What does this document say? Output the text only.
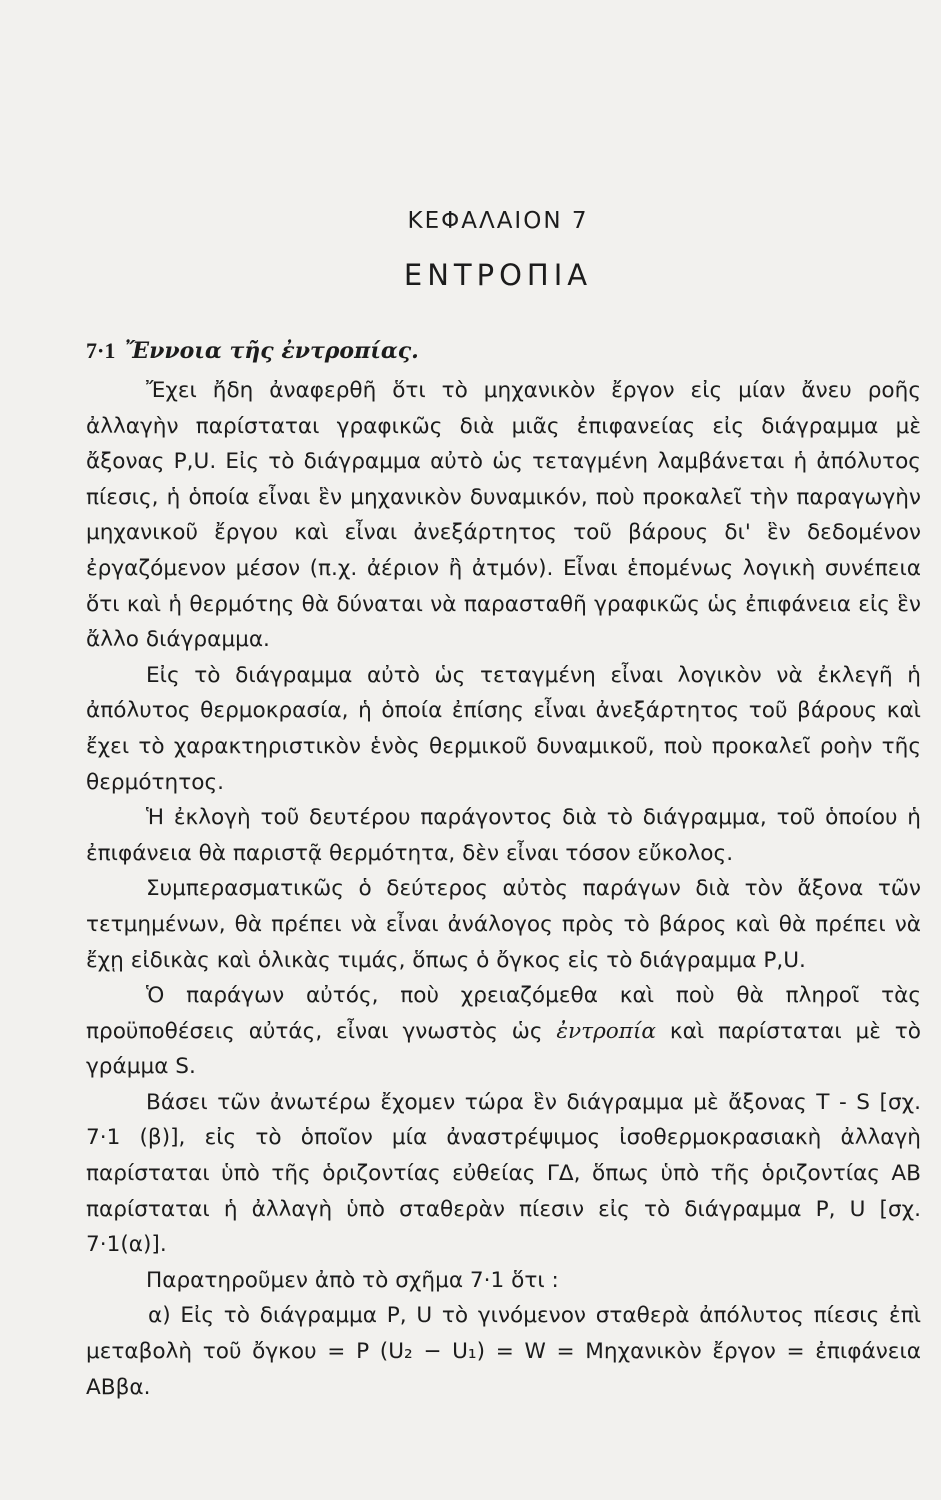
ΚΕΦΑΛΑΙΟΝ 7
ΕΝΤΡΟΠΙΑ
7·1 Ἔννοια τῆς ἐντροπίας.

Ἔχει ἤδη ἀναφερθῆ ὅτι τὸ μηχανικὸν ἔργον εἰς μίαν ἄνευ ροῆς ἀλλαγὴν παρίσταται γραφικῶς διὰ μιᾶς ἐπιφανείας εἰς διάγραμμα μὲ ἄξονας P,U. Εἰς τὸ διάγραμμα αὐτὸ ὡς τεταγμένη λαμβάνεται ἡ ἀπόλυτος πίεσις, ἡ ὁποία εἶναι ἓν μηχανικὸν δυναμικόν, ποὺ προκαλεῖ τὴν παραγωγὴν μηχανικοῦ ἔργου καὶ εἶναι ἀνεξάρτητος τοῦ βάρους δι' ἓν δεδομένον ἐργαζόμενον μέσον (π.χ. ἀέριον ἢ ἀτμόν). Εἶναι ἑπομένως λογικὴ συνέπεια ὅτι καὶ ἡ θερμότης θὰ δύναται νὰ παρασταθῆ γραφικῶς ὡς ἐπιφάνεια εἰς ἓν ἄλλο διάγραμμα.

Εἰς τὸ διάγραμμα αὐτὸ ὡς τεταγμένη εἶναι λογικὸν νὰ ἐκλεγῆ ἡ ἀπόλυτος θερμοκρασία, ἡ ὁποία ἐπίσης εἶναι ἀνεξάρτητος τοῦ βάρους καὶ ἔχει τὸ χαρακτηριστικὸν ἑνὸς θερμικοῦ δυναμικοῦ, ποὺ προκαλεῖ ροὴν τῆς θερμότητος.

Ἡ ἐκλογὴ τοῦ δευτέρου παράγοντος διὰ τὸ διάγραμμα, τοῦ ὁποίου ἡ ἐπιφάνεια θὰ παριστᾷ θερμότητα, δὲν εἶναι τόσον εὔκολος.

Συμπερασματικῶς ὁ δεύτερος αὐτὸς παράγων διὰ τὸν ἄξονα τῶν τετμημένων, θὰ πρέπει νὰ εἶναι ἀνάλογος πρὸς τὸ βάρος καὶ θὰ πρέπει νὰ ἔχῃ εἰδικὰς καὶ ὁλικὰς τιμάς, ὅπως ὁ ὄγκος εἰς τὸ διάγραμμα P,U.

Ὁ παράγων αὐτός, ποὺ χρειαζόμεθα καὶ ποὺ θὰ πληροῖ τὰς προϋποθέσεις αὐτάς, εἶναι γνωστὸς ὡς ἐντροπία καὶ παρίσταται μὲ τὸ γράμμα S.

Βάσει τῶν ἀνωτέρω ἔχομεν τώρα ἓν διάγραμμα μὲ ἄξονας T - S [σχ. 7·1 (β)], εἰς τὸ ὁποῖον μία ἀναστρέψιμος ἰσοθερμοκρασιακὴ ἀλλαγὴ παρίσταται ὑπὸ τῆς ὁριζοντίας εὐθείας ΓΔ, ὅπως ὑπὸ τῆς ὁριζοντίας ΑΒ παρίσταται ἡ ἀλλαγὴ ὑπὸ σταθερὰν πίεσιν εἰς τὸ διάγραμμα P, U [σχ. 7·1(α)].

Παρατηροῦμεν ἀπὸ τὸ σχῆμα 7·1 ὅτι :

α) Εἰς τὸ διάγραμμα P, U τὸ γινόμενον σταθερὰ ἀπόλυτος πίεσις ἐπὶ μεταβολὴ τοῦ ὄγκου = P (U₂ − U₁) = W = Μηχανικὸν ἔργον = ἐπιφάνεια ΑΒβα.
